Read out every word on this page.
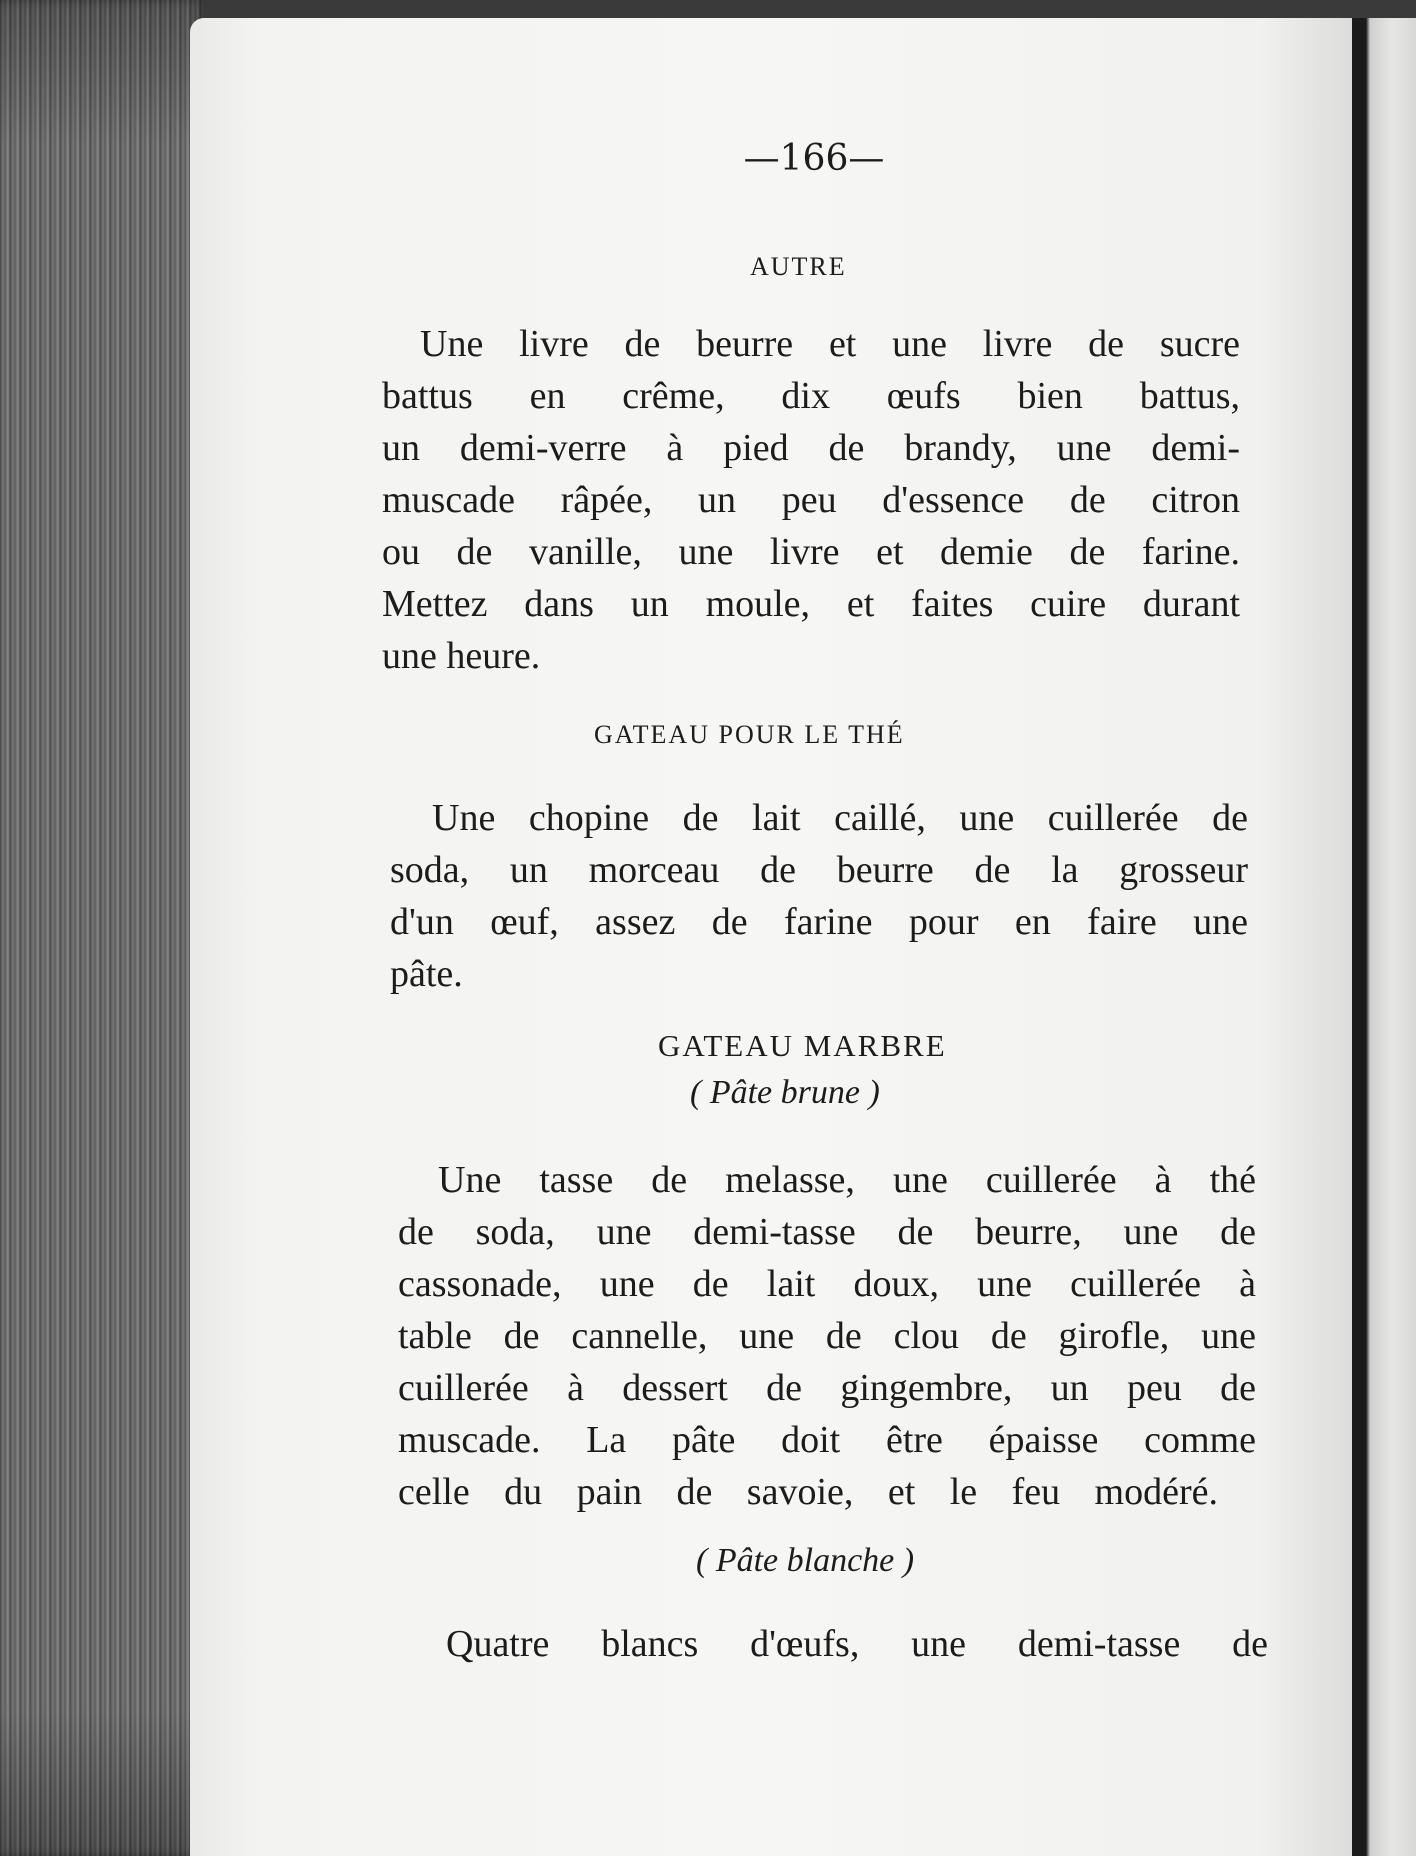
—166—
AUTRE
Une livre de beurre et une livre de sucre
battus en crême, dix œufs bien battus,
un demi-verre à pied de brandy, une demi-
muscade râpée, un peu d'essence de citron
ou de vanille, une livre et demie de farine.
Mettez dans un moule, et faites cuire durant
une heure.
GATEAU POUR LE THÉ
Une chopine de lait caillé, une cuillerée de
soda, un morceau de beurre de la grosseur
d'un œuf, assez de farine pour en faire une
pâte.
GATEAU MARBRE
( Pâte brune )
Une tasse de melasse, une cuillerée à thé
de soda, une demi-tasse de beurre, une de
cassonade, une de lait doux, une cuillerée à
table de cannelle, une de clou de girofle, une
cuillerée à dessert de gingembre, un peu de
muscade. La pâte doit être épaisse comme
celle du pain de savoie, et le feu modéré.
( Pâte blanche )
Quatre blancs d'œufs, une demi-tasse de
